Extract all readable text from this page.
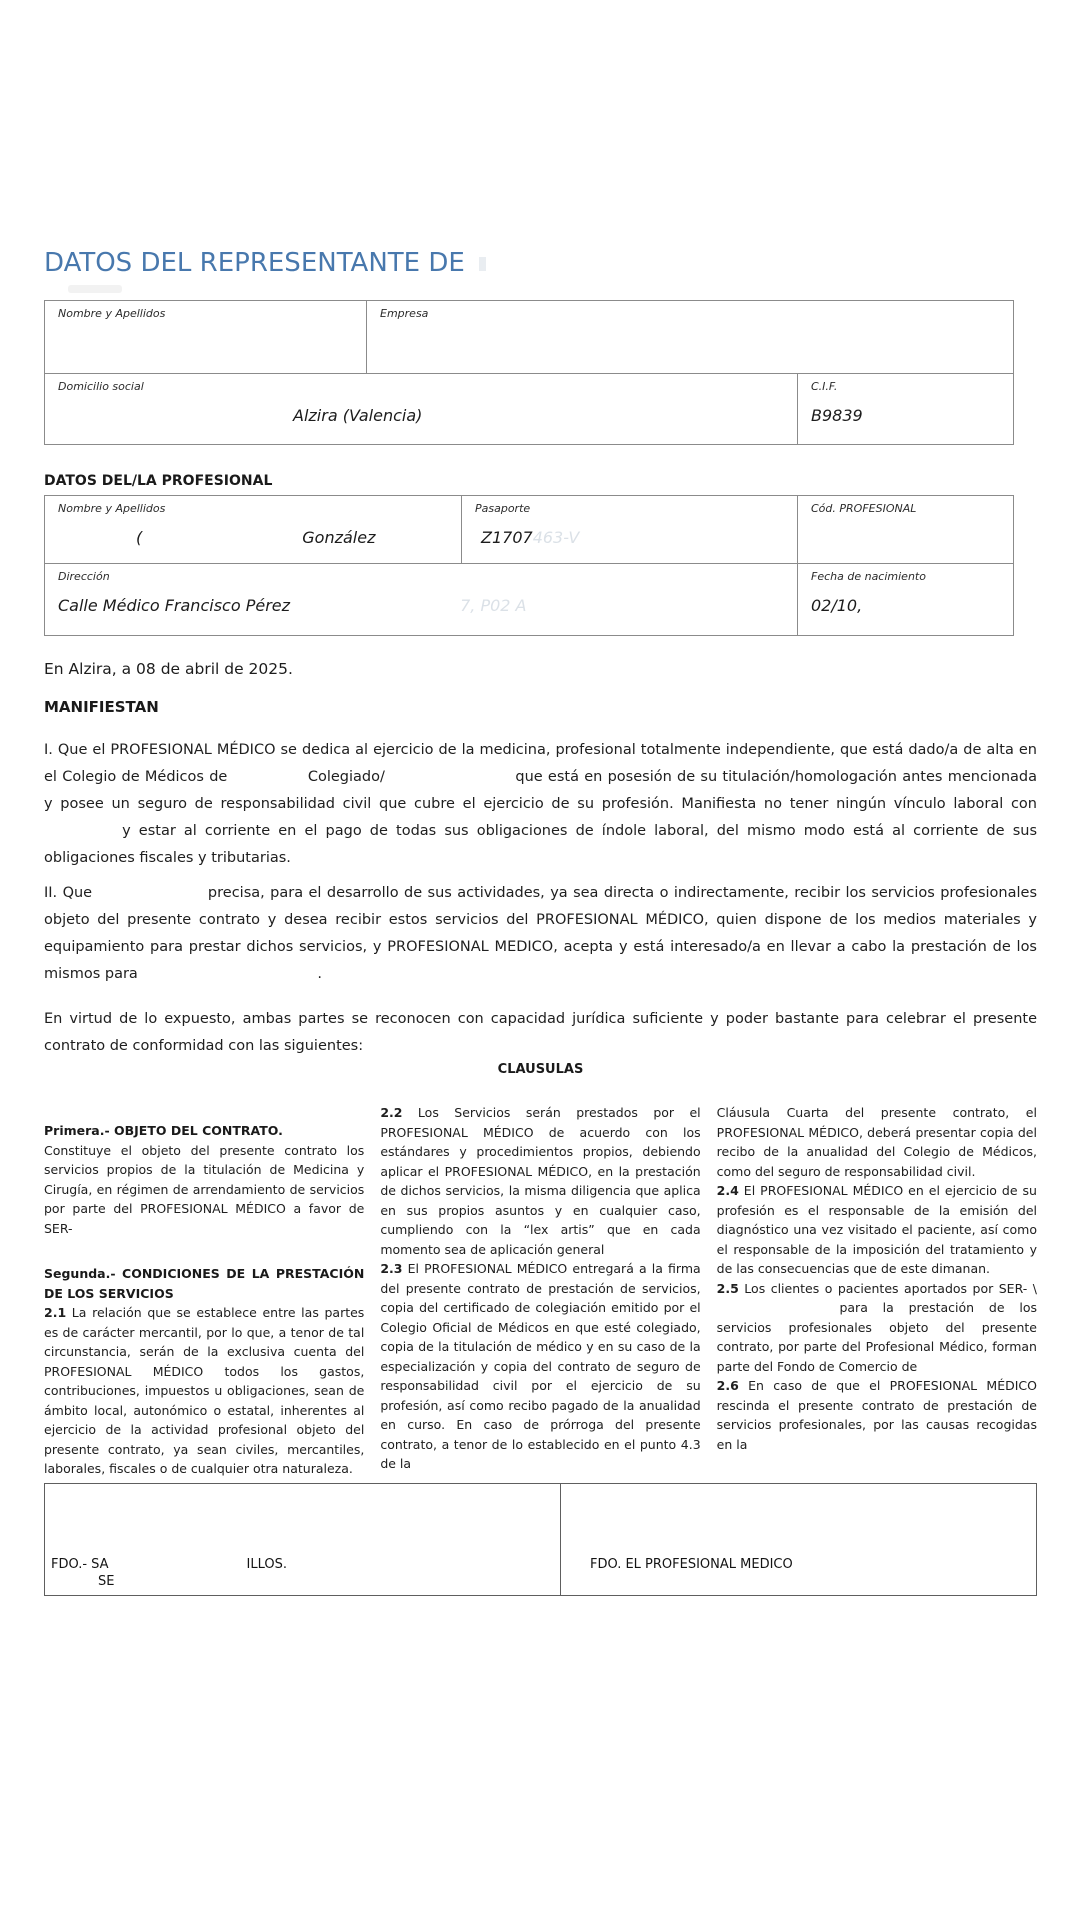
DATOS DEL REPRESENTANTE DE
Nombre y Apellidos	Empresa
Domicilio social
Alzira (Valencia)
C.I.F.
B9839
DATOS DEL/LA PROFESIONAL
Nombre y Apellidos
(	González
Pasaporte
Z1707463-V
Cód. PROFESIONAL
Dirección
Calle Médico Francisco Pérez	7, P02 A
Fecha de nacimiento
02/10,
En Alzira, a 08 de abril de 2025.
MANIFIESTAN

I. Que el PROFESIONAL MÉDICO se dedica al ejercicio de la medicina, profesional totalmente independiente, que está dado/a de alta en el Colegio de Médicos de	Colegiado/	que está en posesión de su titulación/homologación antes mencionada y posee un seguro de responsabilidad civil que cubre el ejercicio de su profesión. Manifiesta no tener ningún vínculo laboral con  y estar al corriente en el pago de todas sus obligaciones de índole laboral, del mismo modo está al corriente de sus obligaciones fiscales y tributarias.

II. Que	precisa, para el desarrollo de sus actividades, ya sea directa o indirectamente, recibir los servicios profesionales objeto del presente contrato y desea recibir estos servicios del PROFESIONAL MÉDICO, quien dispone de los medios materiales y equipamiento para prestar dichos servicios, y PROFESIONAL MEDICO, acepta y está interesado/a en llevar a cabo la prestación de los mismos para	.

En virtud de lo expuesto, ambas partes se reconocen con capacidad jurídica suficiente y poder bastante para celebrar el presente contrato de conformidad con las siguientes:

CLAUSULAS
Primera.- OBJETO DEL CONTRATO.

Constituye el objeto del presente contrato los servicios propios de la titulación de Medicina y Cirugía, en régimen de arrendamiento de servicios por parte del PROFESIONAL MÉDICO a favor de SER-

Segunda.- CONDICIONES DE LA PRESTACIÓN DE LOS SERVICIOS

2.1 La relación que se establece entre las partes es de carácter mercantil, por lo que, a tenor de tal circunstancia, serán de la exclusiva cuenta del PROFESIONAL MÉDICO todos los gastos, contribuciones, impuestos u obligaciones, sean de ámbito local, autonómico o estatal, inherentes al ejercicio de la actividad profesional objeto del presente contrato, ya sean civiles, mercantiles, laborales, fiscales o de cualquier otra naturaleza.

2.2 Los Servicios serán prestados por el PROFESIONAL MÉDICO de acuerdo con los estándares y procedimientos propios, debiendo aplicar el PROFESIONAL MÉDICO, en la prestación de dichos servicios, la misma diligencia que aplica en sus propios asuntos y en cualquier caso, cumpliendo con la “lex artis” que en cada momento sea de aplicación general

2.3 El PROFESIONAL MÉDICO entregará a la firma del presente contrato de prestación de servicios, copia del certificado de colegiación emitido por el Colegio Oficial de Médicos en que esté colegiado, copia de la titulación de médico y en su caso de la especialización y copia del contrato de seguro de responsabilidad civil por el ejercicio de su profesión, así como recibo pagado de la anualidad en curso. En caso de prórroga del presente contrato, a tenor de lo establecido en el punto 4.3 de la

Cláusula Cuarta del presente contrato, el PROFESIONAL MÉDICO, deberá presentar copia del recibo de la anualidad del Colegio de Médicos, como del seguro de responsabilidad civil.

2.4 El PROFESIONAL MÉDICO en el ejercicio de su profesión es el responsable de la emisión del diagnóstico una vez visitado el paciente, así como el responsable de la imposición del tratamiento y de las consecuencias que de este dimanan.

2.5 Los clientes o pacientes aportados por SER- \ para la prestación de los servicios profesionales objeto del presente contrato, por parte del Profesional Médico, forman parte del Fondo de Comercio de

2.6 En caso de que el PROFESIONAL MÉDICO rescinda el presente contrato de prestación de servicios profesionales, por las causas recogidas en la

FDO.- SA	ILLOS.
SE
FDO. EL PROFESIONAL MEDICO
